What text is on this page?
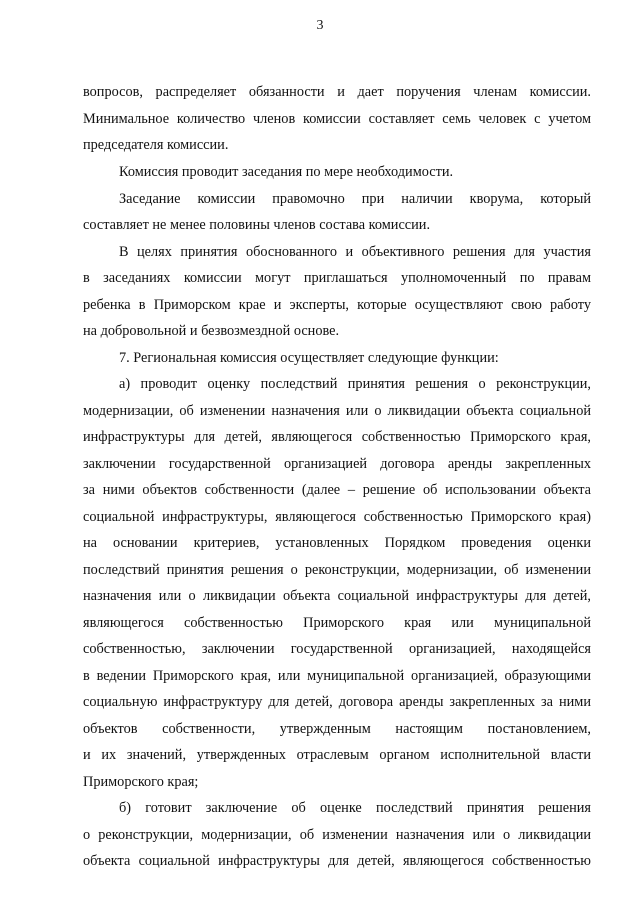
3
вопросов, распределяет обязанности и дает поручения членам комиссии.
Минимальное количество членов комиссии составляет семь человек с учетом
председателя комиссии.
Комиссия проводит заседания по мере необходимости.
Заседание комиссии правомочно при наличии кворума, который
составляет не менее половины членов состава комиссии.
В целях принятия обоснованного и объективного решения для участия
в заседаниях комиссии могут приглашаться уполномоченный по правам
ребенка в Приморском крае и эксперты, которые осуществляют свою работу
на добровольной и безвозмездной основе.
7. Региональная комиссия осуществляет следующие функции:
а) проводит оценку последствий принятия решения о реконструкции,
модернизации, об изменении назначения или о ликвидации объекта социальной
инфраструктуры для детей, являющегося собственностью Приморского края,
заключении государственной организацией договора аренды закрепленных
за ними объектов собственности (далее – решение об использовании объекта
социальной инфраструктуры, являющегося собственностью Приморского края)
на основании критериев, установленных Порядком проведения оценки
последствий принятия решения о реконструкции, модернизации, об изменении
назначения или о ликвидации объекта социальной инфраструктуры для детей,
являющегося собственностью Приморского края или муниципальной
собственностью, заключении государственной организацией, находящейся
в ведении Приморского края, или муниципальной организацией, образующими
социальную инфраструктуру для детей, договора аренды закрепленных за ними
объектов собственности, утвержденным настоящим постановлением,
и их значений, утвержденных отраслевым органом исполнительной власти
Приморского края;
б) готовит заключение об оценке последствий принятия решения
о реконструкции, модернизации, об изменении назначения или о ликвидации
объекта социальной инфраструктуры для детей, являющегося собственностью
